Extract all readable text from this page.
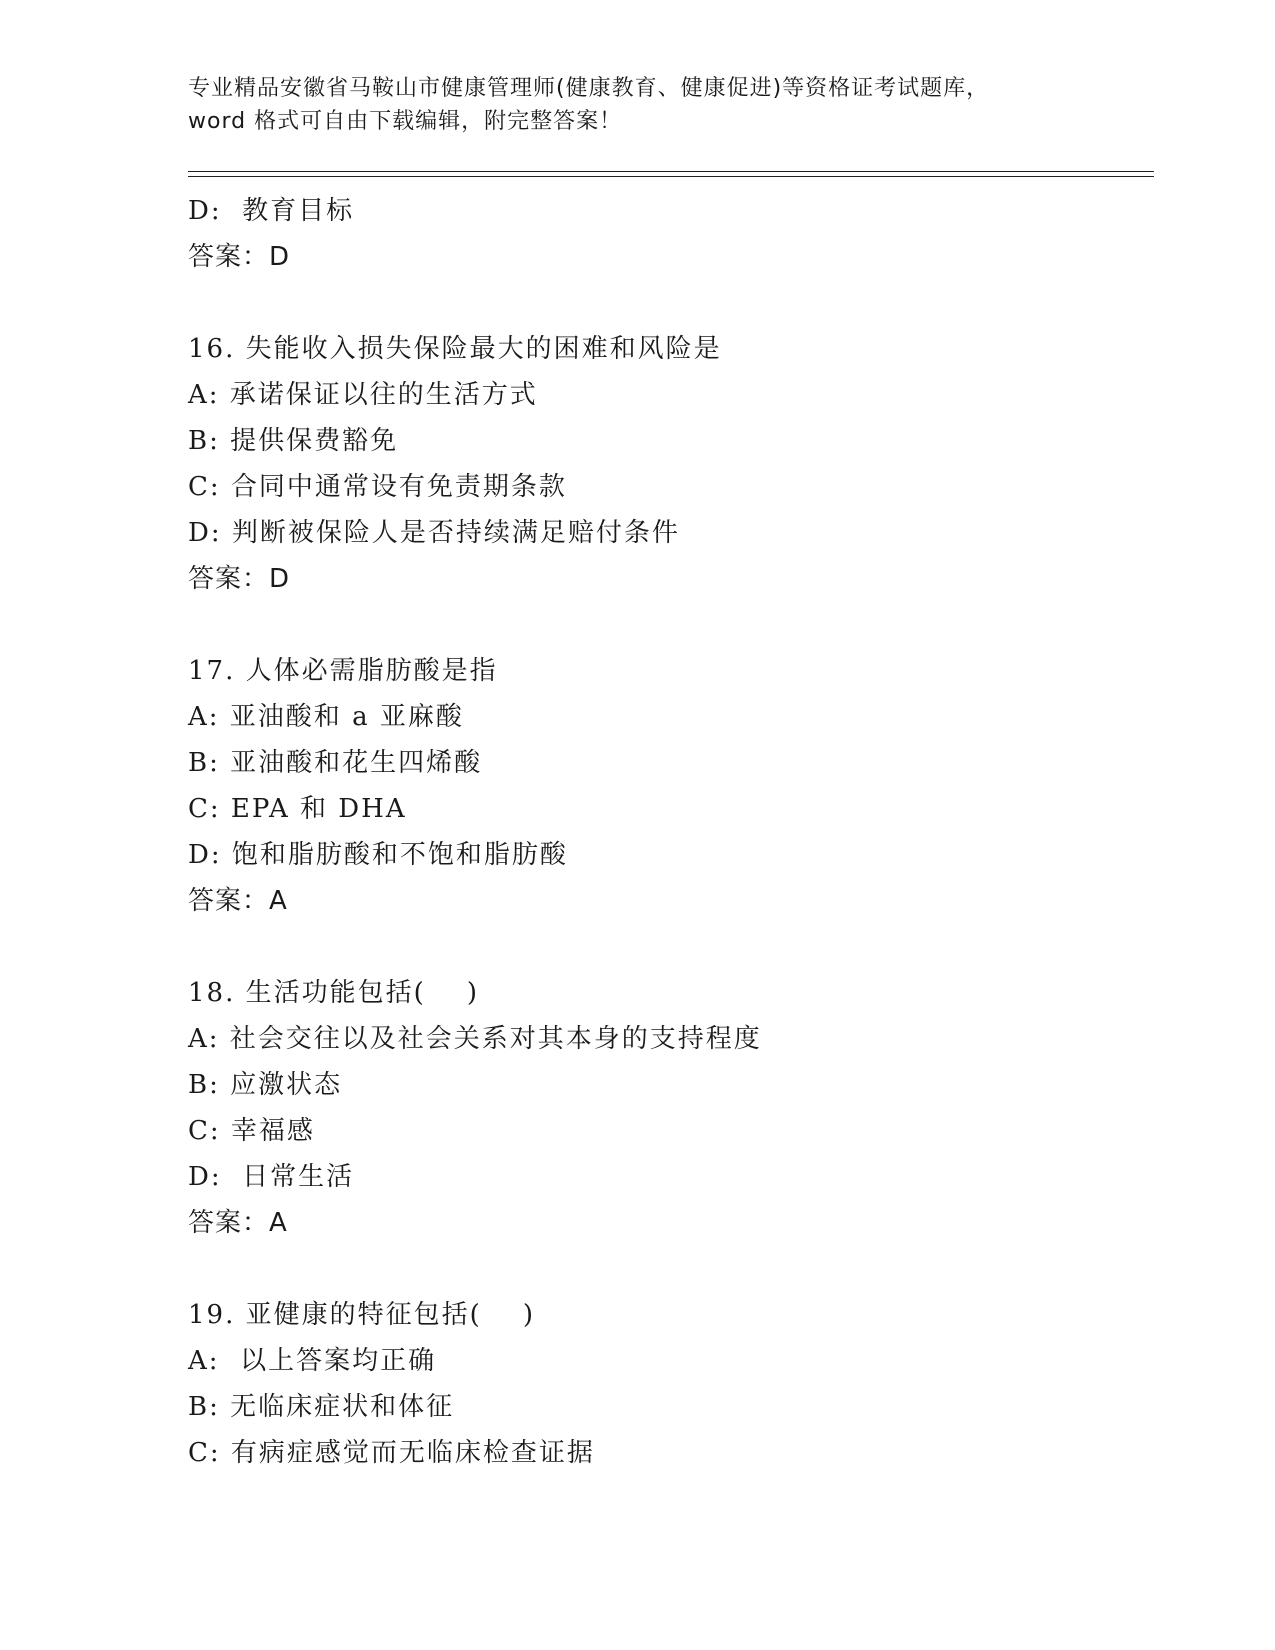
专业精品安徽省马鞍山市健康管理师(健康教育、健康促进)等资格证考试题库，
word 格式可自由下载编辑，附完整答案！
D:  教育目标
答案：D
16. 失能收入损失保险最大的困难和风险是
A: 承诺保证以往的生活方式
B: 提供保费豁免
C: 合同中通常设有免责期条款
D: 判断被保险人是否持续满足赔付条件
答案：D
17. 人体必需脂肪酸是指
A: 亚油酸和 a 亚麻酸
B: 亚油酸和花生四烯酸
C: EPA 和 DHA
D: 饱和脂肪酸和不饱和脂肪酸
答案：A
18. 生活功能包括(    )
A: 社会交往以及社会关系对其本身的支持程度
B: 应激状态
C: 幸福感
D:  日常生活
答案：A
19. 亚健康的特征包括(    )
A:  以上答案均正确
B: 无临床症状和体征
C: 有病症感觉而无临床检查证据
